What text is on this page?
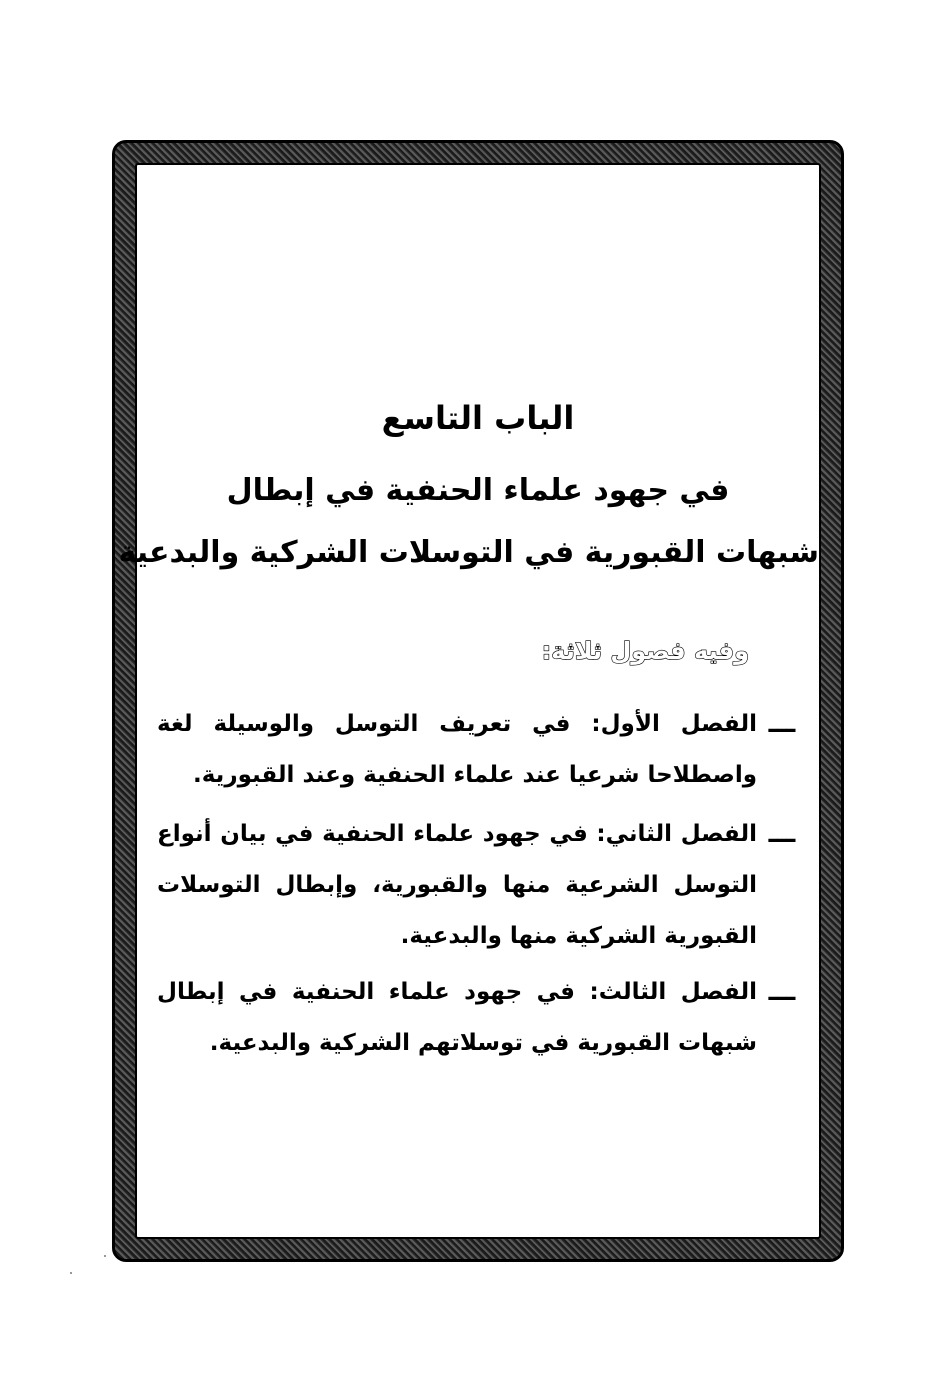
الباب التاسع
في جهود علماء الحنفية في إبطال
شبهات القبورية في التوسلات الشركية والبدعية
وفيه فصول ثلاثة:
ـــ
الفصل الأول: في تعريف التوسل والوسيلة لغة واصطلاحا شرعيا عند علماء الحنفية وعند القبورية.
ـــ
الفصل الثاني: في جهود علماء الحنفية في بيان أنواع التوسل الشرعية منها والقبورية، وإبطال التوسلات القبورية الشركية منها والبدعية.
ـــ
الفصل الثالث: في جهود علماء الحنفية في إبطال شبهات القبورية في توسلاتهم الشركية والبدعية.
